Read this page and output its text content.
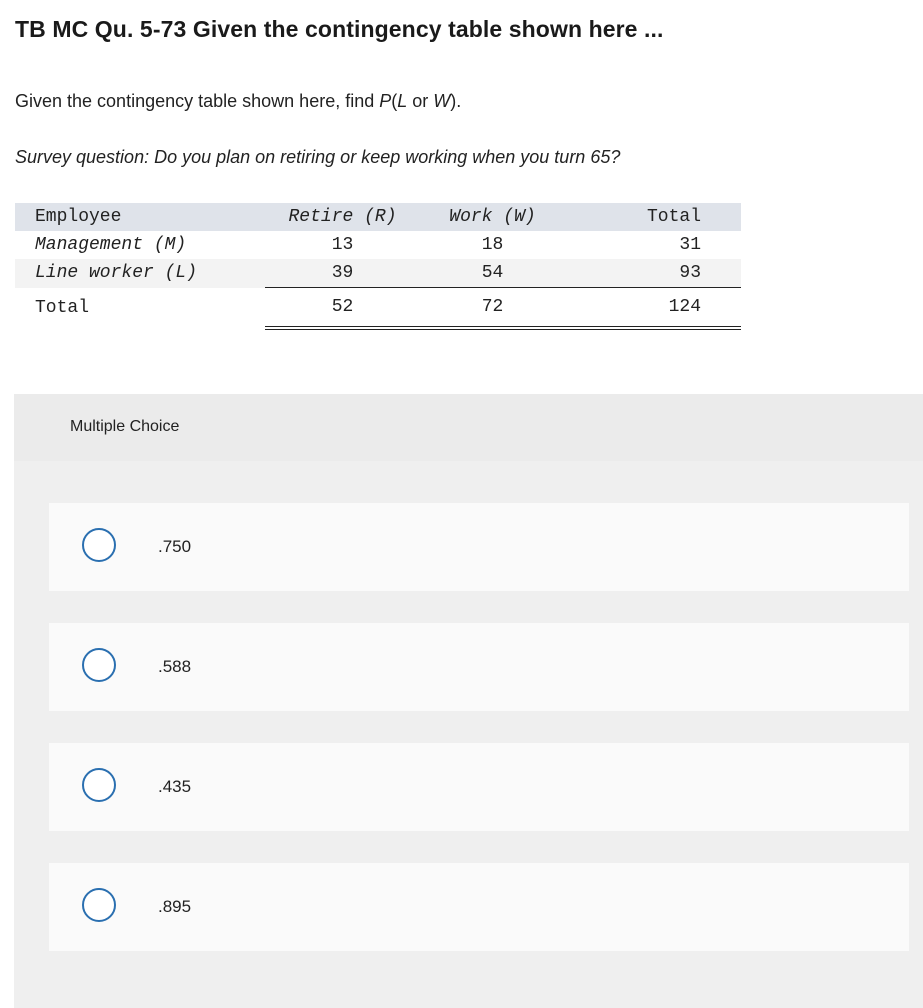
TB MC Qu. 5-73 Given the contingency table shown here ...
Given the contingency table shown here, find P(L or W).
Survey question: Do you plan on retiring or keep working when you turn 65?
Employee	Retire (R)	Work (W)	Total
Management (M)	13	18	31
Line worker (L)	39	54	93
Total	52	72	124
Multiple Choice
.750
.588
.435
.895
